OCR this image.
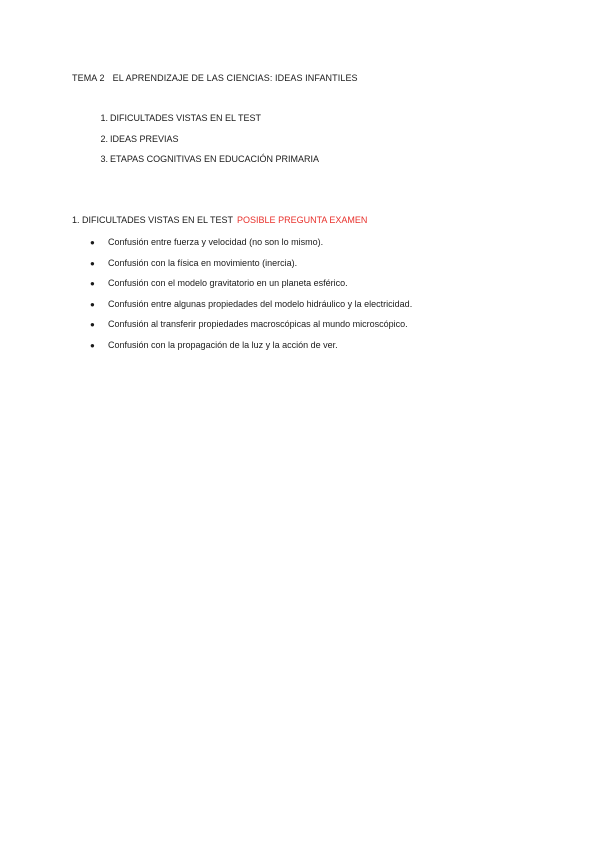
TEMA 2 EL APRENDIZAJE DE LAS CIENCIAS: IDEAS INFANTILES
1. DIFICULTADES VISTAS EN EL TEST
2. IDEAS PREVIAS
3. ETAPAS COGNITIVAS EN EDUCACIÓN PRIMARIA
1. DIFICULTADES VISTAS EN EL TEST POSIBLE PREGUNTA EXAMEN
● Confusión entre fuerza y velocidad (no son lo mismo).
● Confusión con la física en movimiento (inercia).
● Confusión con el modelo gravitatorio en un planeta esférico.
● Confusión entre algunas propiedades del modelo hidráulico y la electricidad.
● Confusión al transferir propiedades macroscópicas al mundo microscópico.
● Confusión con la propagación de la luz y la acción de ver.
